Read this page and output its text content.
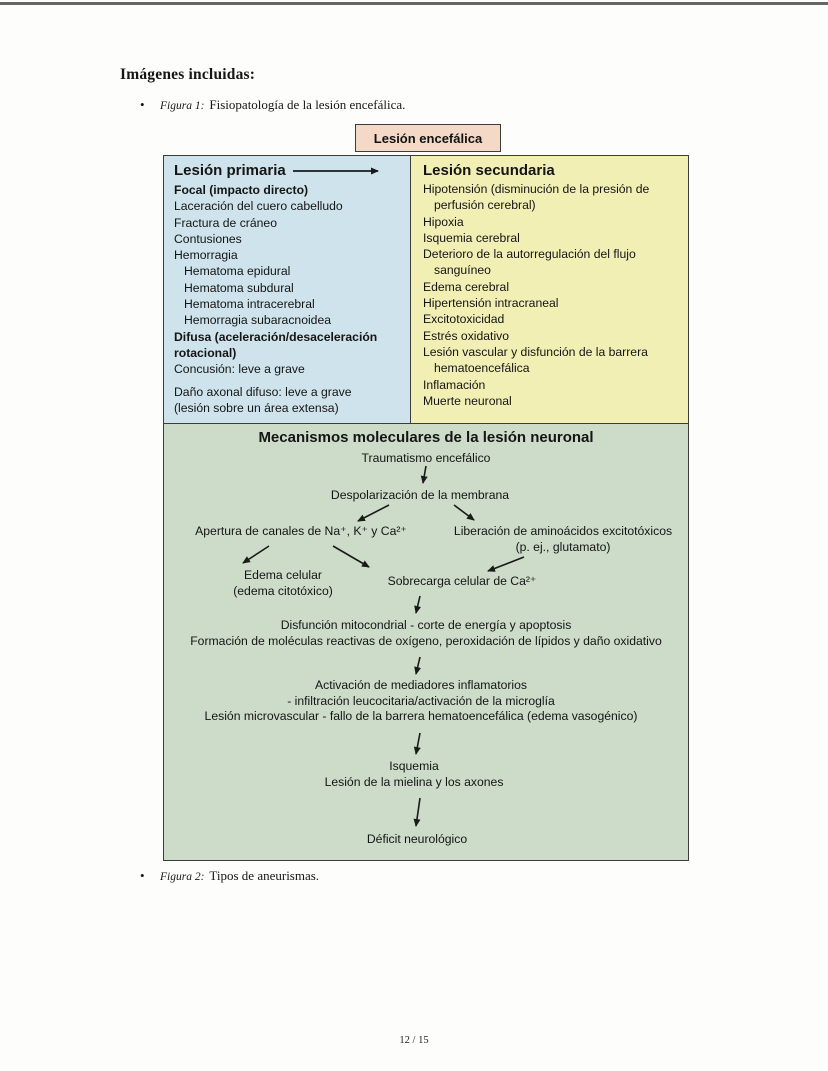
Imágenes incluidas:
• Figura 1: Fisiopatología de la lesión encefálica.
Lesión encefálica
Lesión primaria
Focal (impacto directo)
Laceración del cuero cabelludo
Fractura de cráneo
Contusiones
Hemorragia
Hematoma epidural
Hematoma subdural
Hematoma intracerebral
Hemorragia subaracnoidea
Difusa (aceleración/desaceleración rotacional)
Concusión: leve a grave
Daño axonal difuso: leve a grave
(lesión sobre un área extensa)
Lesión secundaria
Hipotensión (disminución de la presión de perfusión cerebral)
Hipoxia
Isquemia cerebral
Deterioro de la autorregulación del flujo sanguíneo
Edema cerebral
Hipertensión intracraneal
Excitotoxicidad
Estrés oxidativo
Lesión vascular y disfunción de la barrera hematoencefálica
Inflamación
Muerte neuronal
Mecanismos moleculares de la lesión neuronal
Traumatismo encefálico
Despolarización de la membrana
Apertura de canales de Na⁺, K⁺ y Ca²⁺	Liberación de aminoácidos excitotóxicos
(p. ej., glutamato)
Edema celular
(edema citotóxico)
Sobrecarga celular de Ca²⁺
Disfunción mitocondrial - corte de energía y apoptosis
Formación de moléculas reactivas de oxígeno, peroxidación de lípidos y daño oxidativo
Activación de mediadores inflamatorios
- infiltración leucocitaria/activación de la microglía
Lesión microvascular - fallo de la barrera hematoencefálica (edema vasogénico)
Isquemia
Lesión de la mielina y los axones
Déficit neurológico
• Figura 2: Tipos de aneurismas.
12 / 15
